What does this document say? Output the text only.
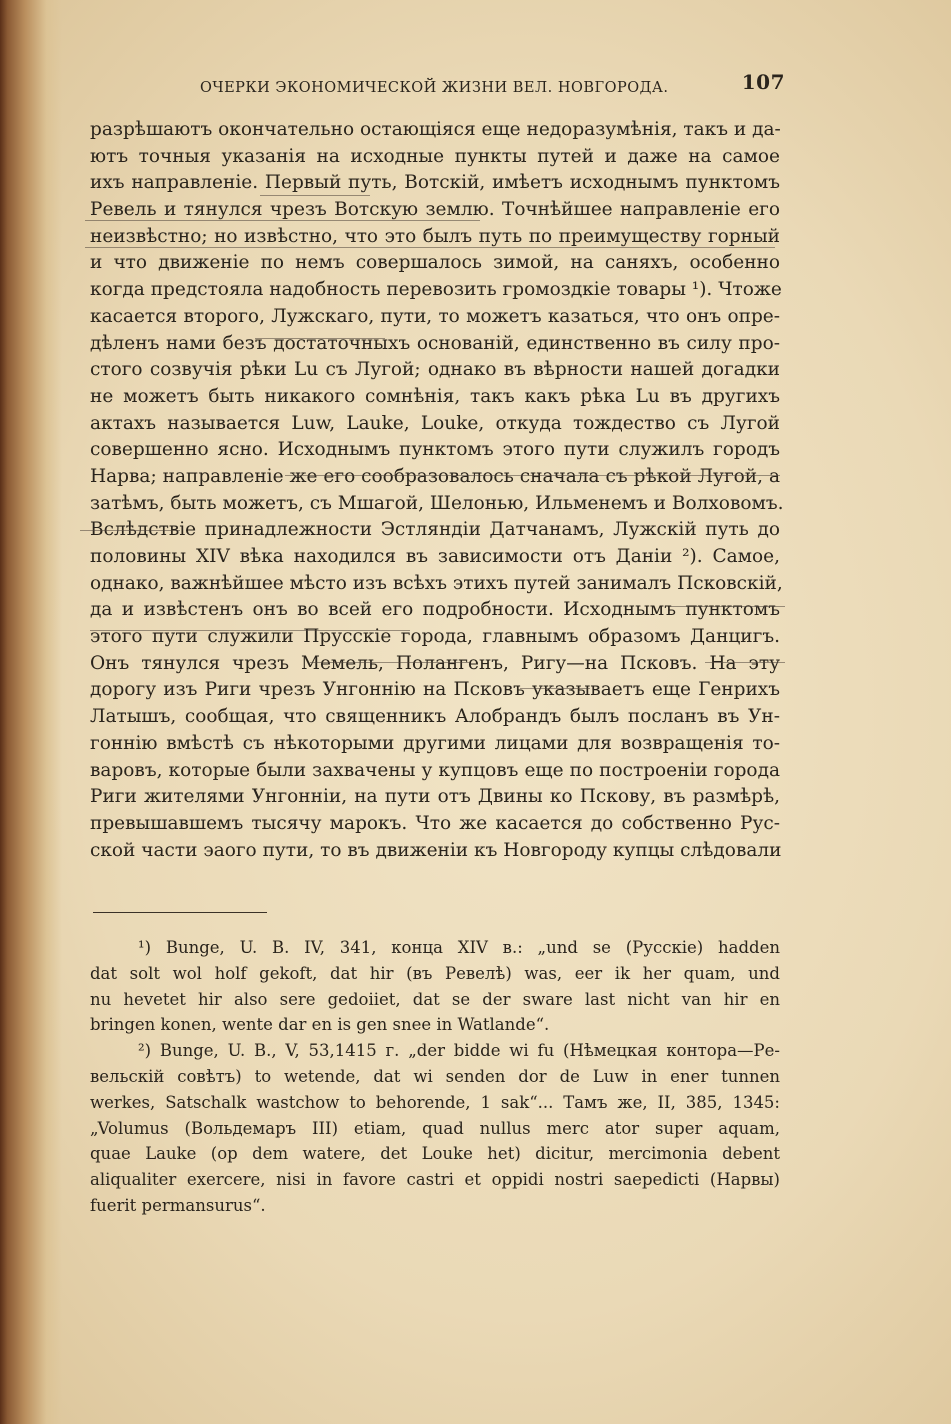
ОЧЕРКИ ЭКОНОМИЧЕСКОЙ ЖИЗНИ ВЕЛ. НОВГОРОДА.	107
разрѣшаютъ окончательно остающіяся еще недоразумѣнія, такъ и да-
ютъ точныя указанія на исходные пункты путей и даже на самое
ихъ направленіе. Первый путь, Вотскій, имѣетъ исходнымъ пунктомъ
Ревель и тянулся чрезъ Вотскую землю. Точнѣйшее направленіе его
неизвѣстно; но извѣстно, что это былъ путь по преимуществу горный
и что движеніе по немъ совершалось зимой, на саняхъ, особенно
когда предстояла надобность перевозить громоздкіе товары ¹). Чтоже
касается второго, Лужскаго, пути, то можетъ казаться, что онъ опре-
дѣленъ нами безъ достаточныхъ основаній, единственно въ силу про-
стого созвучія рѣки Lu съ Лугой; однако въ вѣрности нашей догадки
не можетъ быть никакого сомнѣнія, такъ какъ рѣка Lu въ другихъ
актахъ называется Luw, Lauke, Louke, откуда тождество съ Лугой
совершенно ясно. Исходнымъ пунктомъ этого пути служилъ городъ
Нарва; направленіе же его сообразовалось сначала съ рѣкой Лугой, а
затѣмъ, быть можетъ, съ Мшагой, Шелонью, Ильменемъ и Волховомъ.
Вслѣдствіе принадлежности Эстляндіи Датчанамъ, Лужскій путь до
половины XIV вѣка находился въ зависимости отъ Даніи ²). Самое,
однако, важнѣйшее мѣсто изъ всѣхъ этихъ путей занималъ Псковскій,
да и извѣстенъ онъ во всей его подробности. Исходнымъ пунктомъ
этого пути служили Прусскіе города, главнымъ образомъ Данцигъ.
Онъ тянулся чрезъ Мемель, Полангенъ, Ригу—на Псковъ. На эту
дорогу изъ Риги чрезъ Унгоннію на Псковъ указываетъ еще Генрихъ
Латышъ, сообщая, что священникъ Алобрандъ былъ посланъ въ Ун-
гоннію вмѣстѣ съ нѣкоторыми другими лицами для возвращенія то-
варовъ, которые были захвачены у купцовъ еще по построеніи города
Риги жителями Унгонніи, на пути отъ Двины ко Пскову, въ размѣрѣ,
превышавшемъ тысячу марокъ. Что же касается до собственно Рус-
ской части эаого пути, то въ движеніи къ Новгороду купцы слѣдовали
¹) Bunge, U. B. IV, 341, конца XIV в.: „und se (Русскіе) hadden
dat solt wol holf gekoft, dat hir (въ Ревелѣ) was, eer ik her quam, und
nu hevetet hir also sere gedoiiet, dat se der sware last nicht van hir en
bringen konen, wente dar en is gen snee in Watlande“.
²) Bunge, U. B., V, 53,1415 г. „der bidde wi fu (Нѣмецкая контора—Ре-
вельскій совѣтъ) to wetende, dat wi senden dor de Luw in ener tunnen
werkes, Satschalk wastchow to behorende, 1 sak“... Тамъ же, II, 385, 1345:
„Volumus (Вольдемаръ III) etiam, quad nullus merc ator super aquam,
quae Lauke (op dem watere, det Louke het) dicitur, mercimonia debent
aliqualiter exercere, nisi in favore castri et oppidi nostri saepedicti (Нарвы)
fuerit permansurus“.
